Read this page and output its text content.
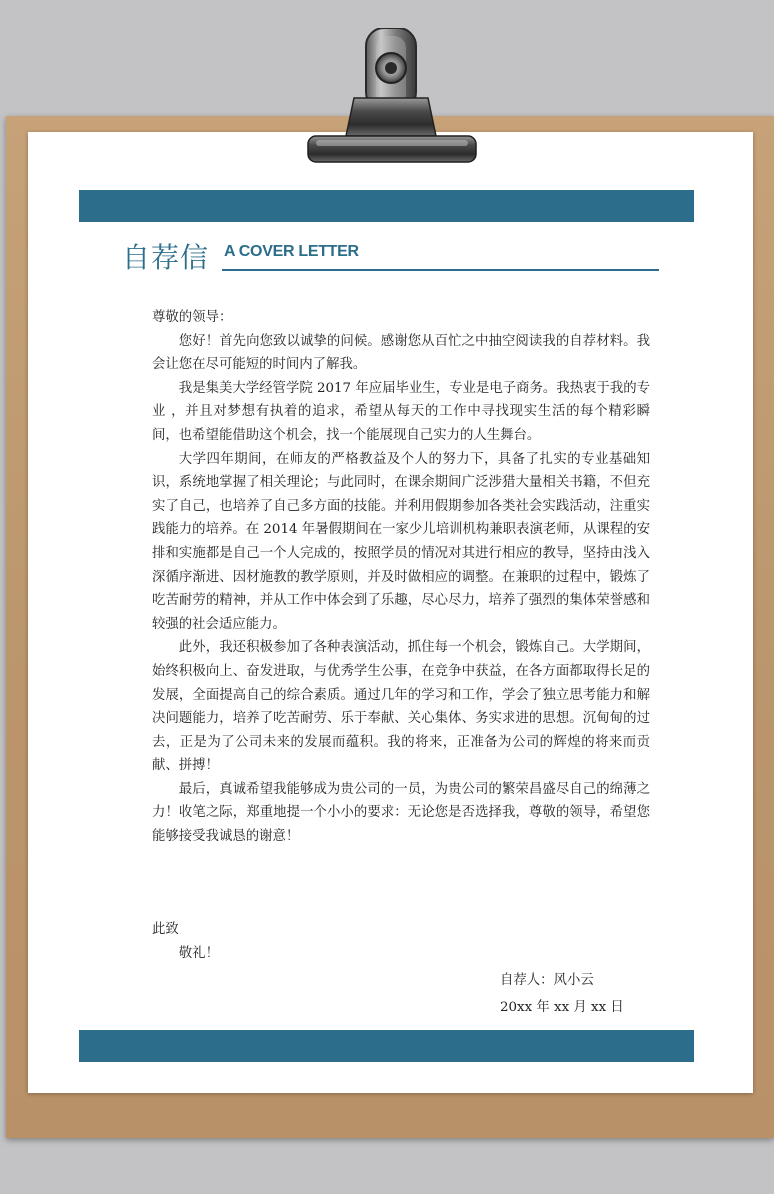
自荐信 A COVER LETTER

尊敬的领导：

您好！首先向您致以诚挚的问候。感谢您从百忙之中抽空阅读我的自荐材料。我会让您在尽可能短的时间内了解我。

我是集美大学经管学院 2017 年应届毕业生，专业是电子商务。我热衷于我的专业 ，并且对梦想有执着的追求，希望从每天的工作中寻找现实生活的每个精彩瞬间，也希望能借助这个机会，找一个能展现自己实力的人生舞台。

大学四年期间，在师友的严格教益及个人的努力下，具备了扎实的专业基础知识，系统地掌握了相关理论；与此同时，在课余期间广泛涉猎大量相关书籍，不但充实了自己，也培养了自己多方面的技能。并利用假期参加各类社会实践活动，注重实践能力的培养。在 2014 年暑假期间在一家少儿培训机构兼职表演老师，从课程的安排和实施都是自己一个人完成的，按照学员的情况对其进行相应的教导，坚持由浅入深循序渐进、因材施教的教学原则，并及时做相应的调整。在兼职的过程中，锻炼了吃苦耐劳的精神，并从工作中体会到了乐趣，尽心尽力，培养了强烈的集体荣誉感和较强的社会适应能力。

此外，我还积极参加了各种表演活动，抓住每一个机会，锻炼自己。大学期间，始终积极向上、奋发进取，与优秀学生公事，在竞争中获益，在各方面都取得长足的发展，全面提高自己的综合素质。通过几年的学习和工作，学会了独立思考能力和解决问题能力，培养了吃苦耐劳、乐于奉献、关心集体、务实求进的思想。沉甸甸的过去，正是为了公司未来的发展而蕴积。我的将来，正准备为公司的辉煌的将来而贡献、拼搏！

最后，真诚希望我能够成为贵公司的一员，为贵公司的繁荣昌盛尽自己的绵薄之力！收笔之际，郑重地提一个小小的要求：无论您是否选择我，尊敬的领导，希望您能够接受我诚恳的谢意！

此致
敬礼！
自荐人：风小云
20xx 年 xx 月 xx 日
